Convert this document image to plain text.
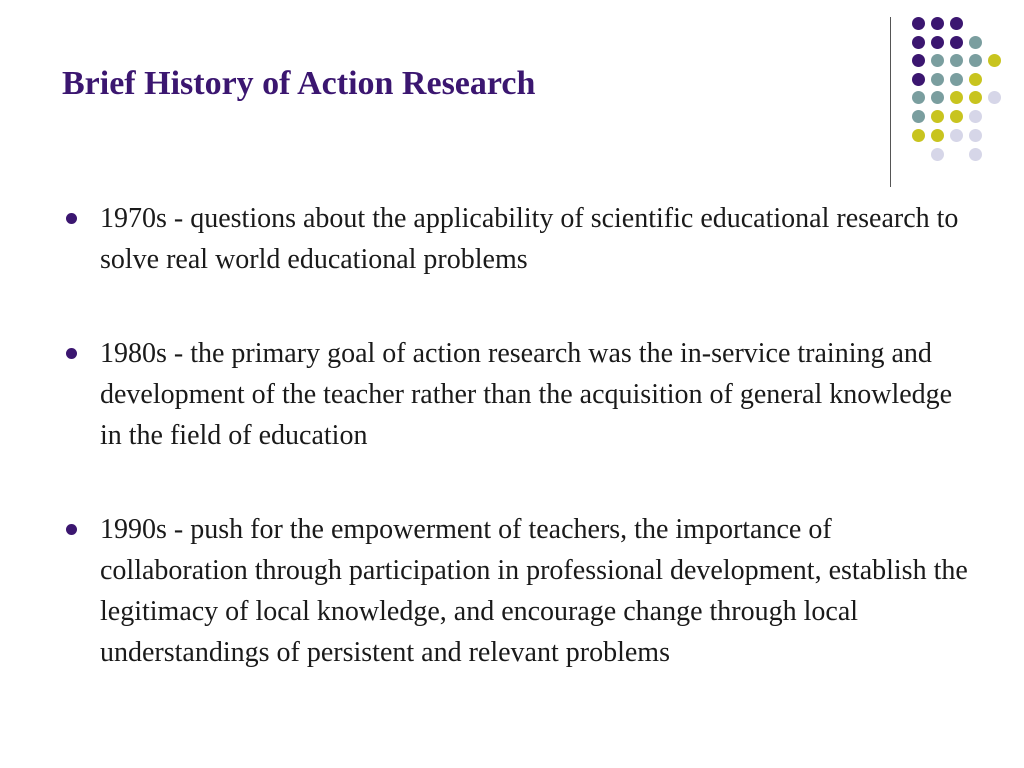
Brief History of Action Research
1970s - questions about the applicability of scientific educational research to solve real world educational problems
1980s - the primary goal of action research was the in-service training and development of the teacher rather than the acquisition of general knowledge in the field of education
1990s - push for the empowerment of teachers, the importance of collaboration through participation in professional development, establish the legitimacy of local knowledge, and encourage change through local understandings of persistent and relevant problems
